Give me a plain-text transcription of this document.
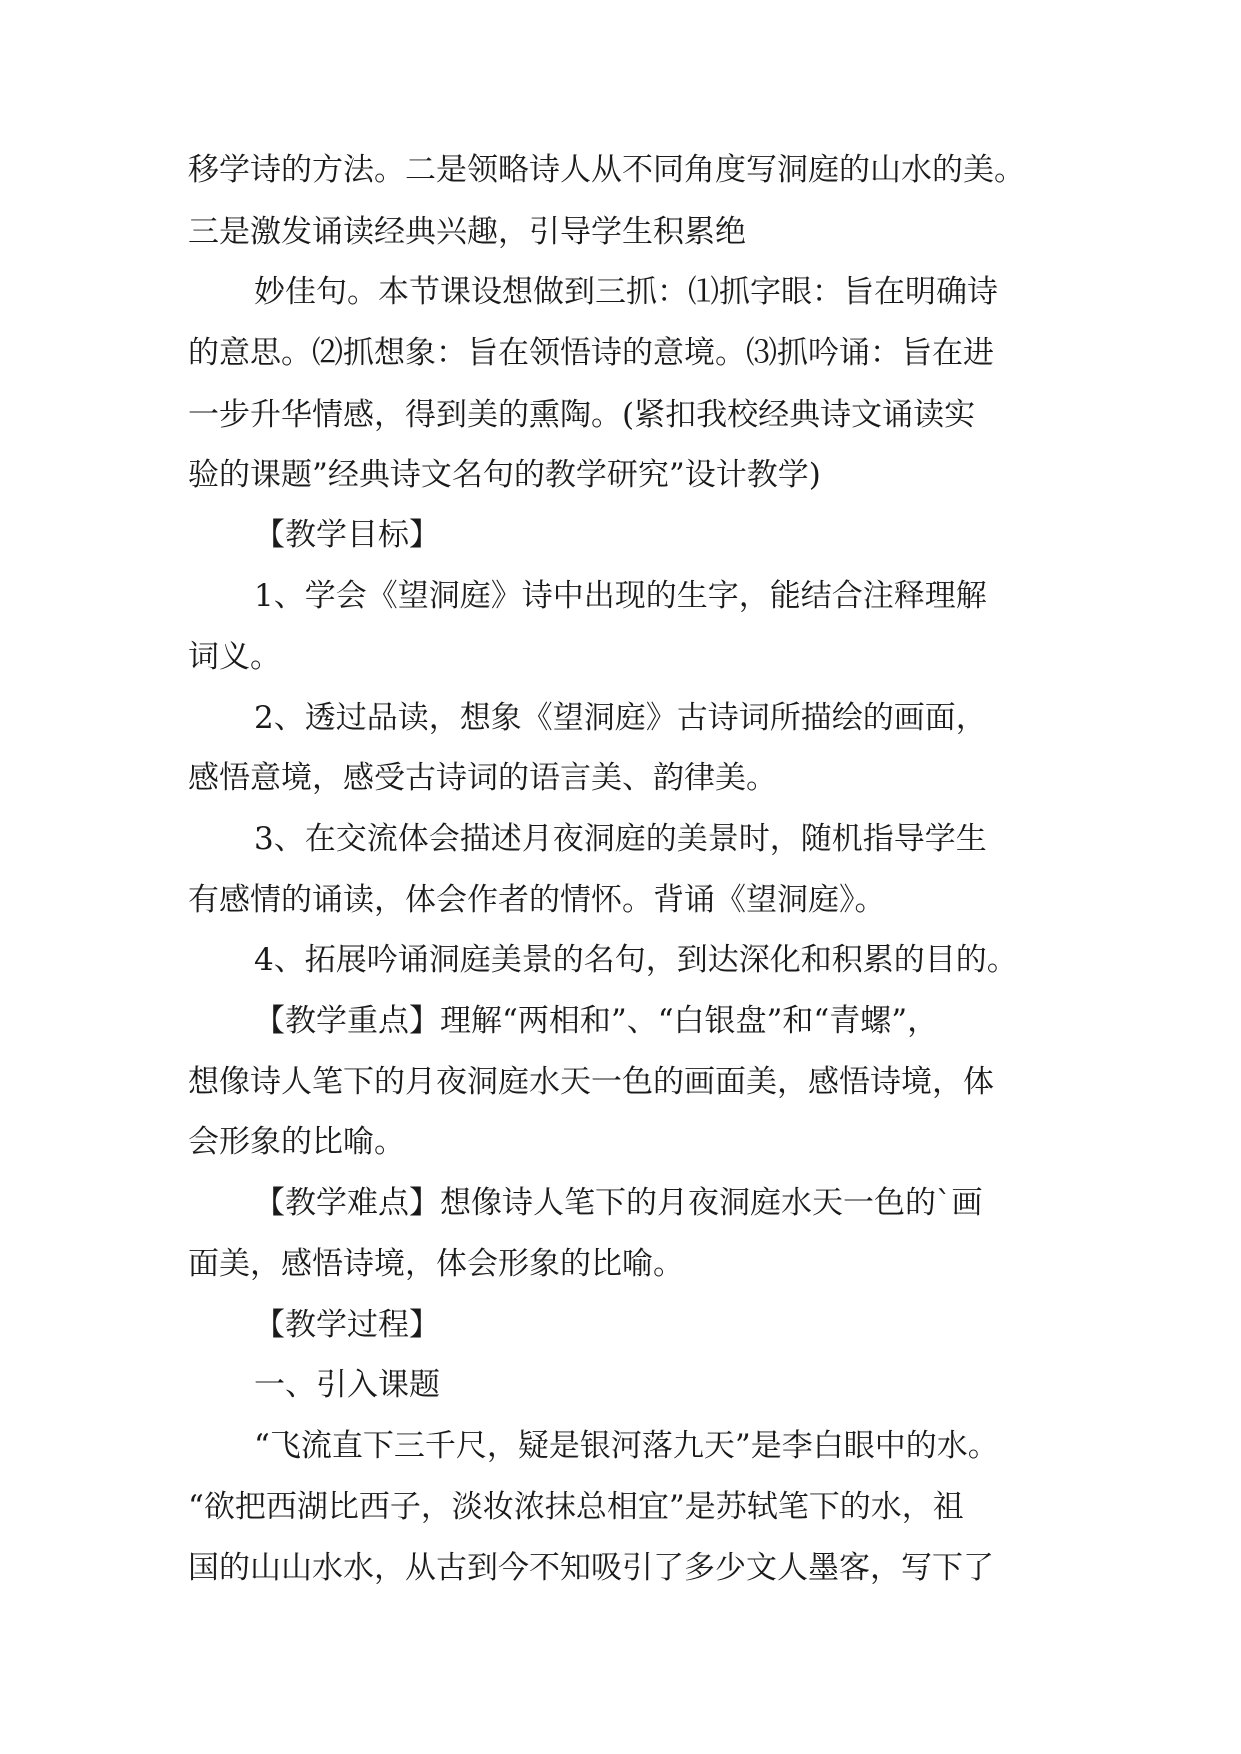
移学诗的方法。二是领略诗人从不同角度写洞庭的山水的美。
三是激发诵读经典兴趣，引导学生积累绝
妙佳句。本节课设想做到三抓：⑴抓字眼：旨在明确诗
的意思。⑵抓想象：旨在领悟诗的意境。⑶抓吟诵：旨在进
一步升华情感，得到美的熏陶。(紧扣我校经典诗文诵读实
验的课题”经典诗文名句的教学研究”设计教学)
【教学目标】
1、学会《望洞庭》诗中出现的生字，能结合注释理解
词义。
2、透过品读，想象《望洞庭》古诗词所描绘的画面，
感悟意境，感受古诗词的语言美、韵律美。
3、在交流体会描述月夜洞庭的美景时，随机指导学生
有感情的诵读，体会作者的情怀。背诵《望洞庭》。
4、拓展吟诵洞庭美景的名句，到达深化和积累的目的。
【教学重点】理解“两相和”、“白银盘”和“青螺”，
想像诗人笔下的月夜洞庭水天一色的画面美，感悟诗境，体
会形象的比喻。
【教学难点】想像诗人笔下的月夜洞庭水天一色的`画
面美，感悟诗境，体会形象的比喻。
【教学过程】
一、引入课题
“飞流直下三千尺，疑是银河落九天”是李白眼中的水。
“欲把西湖比西子，淡妆浓抹总相宜”是苏轼笔下的水，祖
国的山山水水，从古到今不知吸引了多少文人墨客，写下了
